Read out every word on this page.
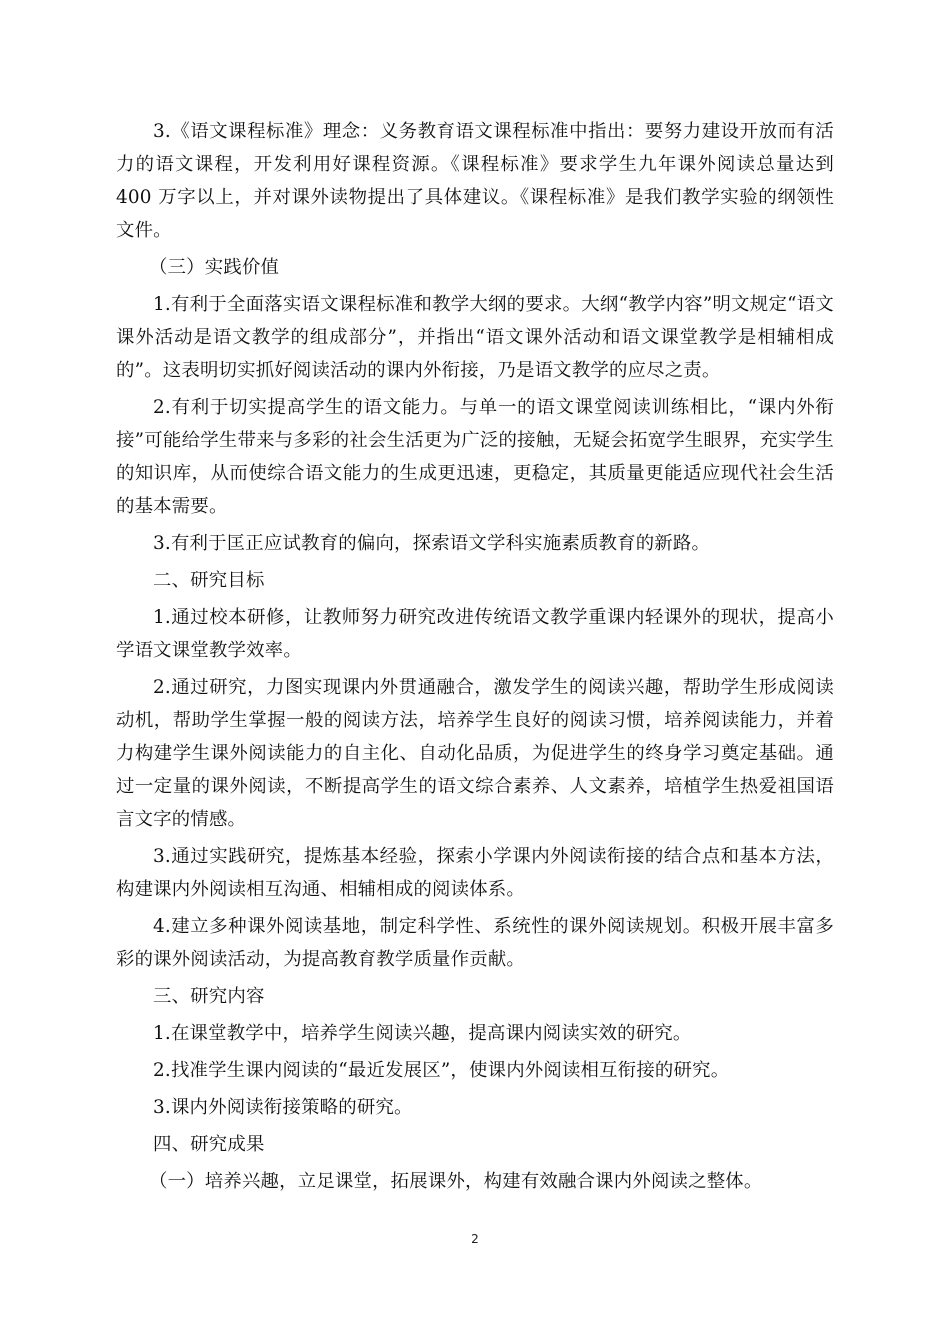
3.《语文课程标准》理念：义务教育语文课程标准中指出：要努力建设开放而有活力的语文课程，开发利用好课程资源。《课程标准》要求学生九年课外阅读总量达到 400 万字以上，并对课外读物提出了具体建议。《课程标准》是我们教学实验的纲领性文件。

（三）实践价值

1.有利于全面落实语文课程标准和教学大纲的要求。大纲“教学内容”明文规定“语文课外活动是语文教学的组成部分”，并指出“语文课外活动和语文课堂教学是相辅相成的”。这表明切实抓好阅读活动的课内外衔接，乃是语文教学的应尽之责。

2.有利于切实提高学生的语文能力。与单一的语文课堂阅读训练相比，“课内外衔接”可能给学生带来与多彩的社会生活更为广泛的接触，无疑会拓宽学生眼界，充实学生的知识库，从而使综合语文能力的生成更迅速，更稳定，其质量更能适应现代社会生活的基本需要。

3.有利于匡正应试教育的偏向，探索语文学科实施素质教育的新路。

二、研究目标

1.通过校本研修，让教师努力研究改进传统语文教学重课内轻课外的现状，提高小学语文课堂教学效率。

2.通过研究，力图实现课内外贯通融合，激发学生的阅读兴趣，帮助学生形成阅读动机，帮助学生掌握一般的阅读方法，培养学生良好的阅读习惯，培养阅读能力，并着力构建学生课外阅读能力的自主化、自动化品质，为促进学生的终身学习奠定基础。通过一定量的课外阅读，不断提高学生的语文综合素养、人文素养，培植学生热爱祖国语言文字的情感。

3.通过实践研究，提炼基本经验，探索小学课内外阅读衔接的结合点和基本方法，构建课内外阅读相互沟通、相辅相成的阅读体系。

4.建立多种课外阅读基地，制定科学性、系统性的课外阅读规划。积极开展丰富多彩的课外阅读活动，为提高教育教学质量作贡献。

三、研究内容

1.在课堂教学中，培养学生阅读兴趣，提高课内阅读实效的研究。

2.找准学生课内阅读的“最近发展区”，使课内外阅读相互衔接的研究。

3.课内外阅读衔接策略的研究。

四、研究成果

（一）培养兴趣，立足课堂，拓展课外，构建有效融合课内外阅读之整体。

2
